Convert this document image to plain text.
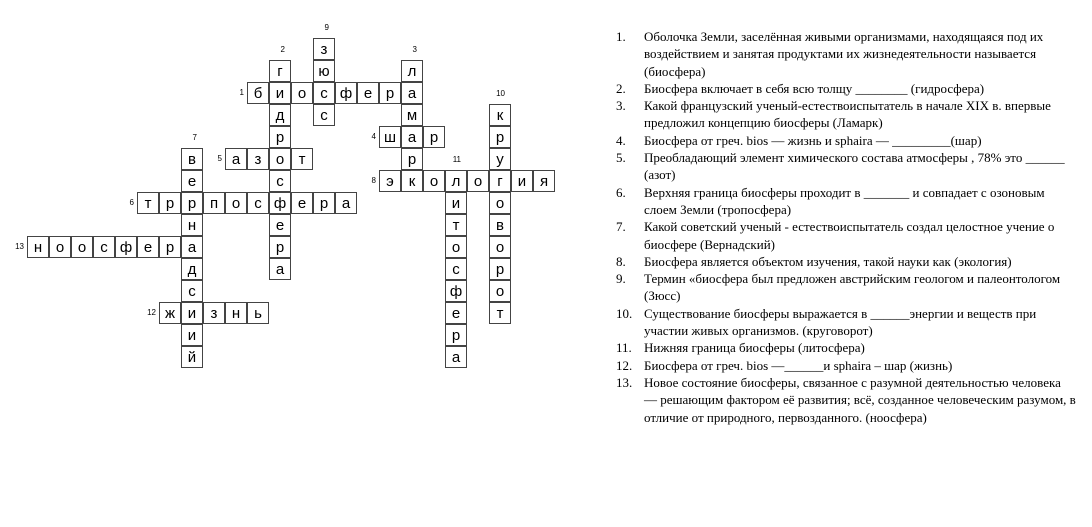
1
2	3
4
5
6
7
8
9
10
11
12
13
б и о с ф е р а
г
д
р
о
с
ф
е
р
а
л
м
а
р
к
ш	р
а з	т
т р р п о с	е р а
в
е
н
а
д
с
и
и
й
э	о л о	г	и я
з
ю
с	к
р
у
о
в
о
р
о
т
и
т
о
с
ф
е
р
а
ж	з н ь
н о о с ф е р
1. Оболочка Земли, заселённая живыми организмами, находящаяся под их воздействием и занятая продуктами их жизнедеятельности называется (биосфера)
2. Биосфера включает в себя всю толщу ________ (гидросфера)
3. Какой французский ученый-естествоиспытатель в начале XIX в. впервые предложил концепцию биосферы (Ламарк)
4. Биосфера от греч. bios — жизнь и sphaira — _________(шар)
5. Преобладающий элемент химического состава атмосферы , 78% это ______ (азот)
6. Верхняя граница биосферы проходит в _______ и совпадает с озоновым слоем Земли (тропосфера)
7. Какой советский ученый - естествоиспытатель создал целостное учение о биосфере (Вернадский)
8. Биосфера является объектом изучения, такой науки как (экология)
9. Термин «биосфера был предложен австрийским геологом и палеонтологом (Зюсс)
10. Существование биосферы выражается в ______энергии и веществ при участии живых организмов. (круговорот)
11. Нижняя граница биосферы (литосфера)
12. Биосфера от греч. bios —______и sphaira – шар (жизнь)
13. Новое состояние биосферы, связанное с разумной деятельностью человека — решающим фактором её развития; всё, созданное человеческим разумом, в отличие от природного, первозданного. (ноосфера)
